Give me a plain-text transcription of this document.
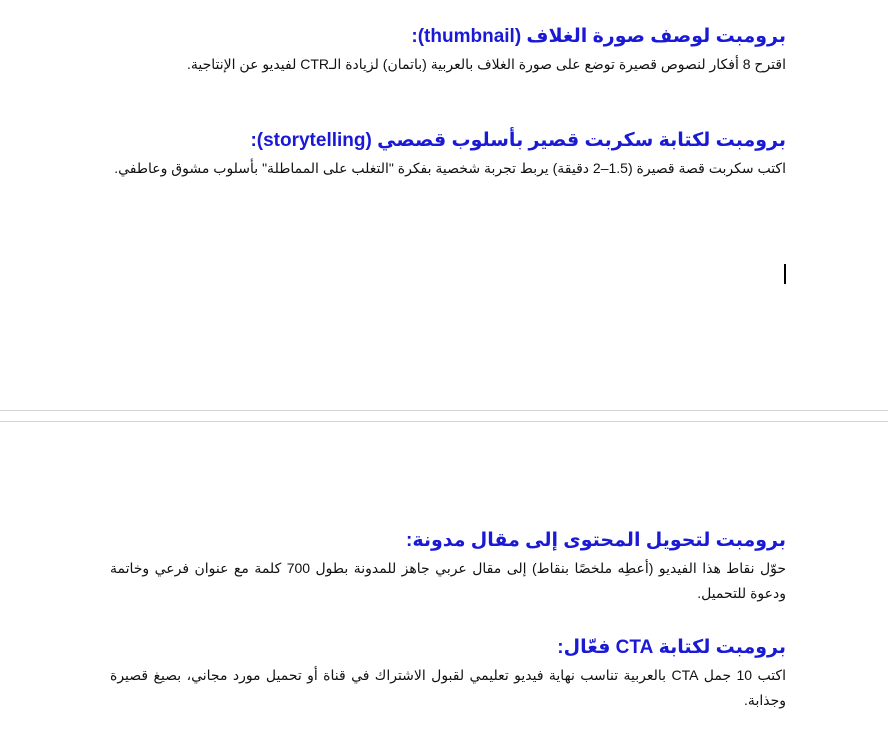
برومبت لوصف صورة الغلاف (thumbnail):

اقترح 8 أفكار لنصوص قصيرة توضع على صورة الغلاف بالعربية (باتمان) لزيادة الـCTR لفيديو عن الإنتاجية.

برومبت لكتابة سكربت قصير بأسلوب قصصي (storytelling):

اكتب سكربت قصة قصيرة (1.5–2 دقيقة) يربط تجربة شخصية بفكرة "التغلب على المماطلة" بأسلوب مشوق وعاطفي.

برومبت لتحويل المحتوى إلى مقال مدونة:

حوّل نقاط هذا الفيديو (أعطِه ملخصًا بنقاط) إلى مقال عربي جاهز للمدونة بطول 700 كلمة مع عنوان فرعي وخاتمة ودعوة للتحميل.

برومبت لكتابة CTA فعّال:

اكتب 10 جمل CTA بالعربية تناسب نهاية فيديو تعليمي لقبول الاشتراك في قناة أو تحميل مورد مجاني، بصيغ قصيرة وجذابة.
